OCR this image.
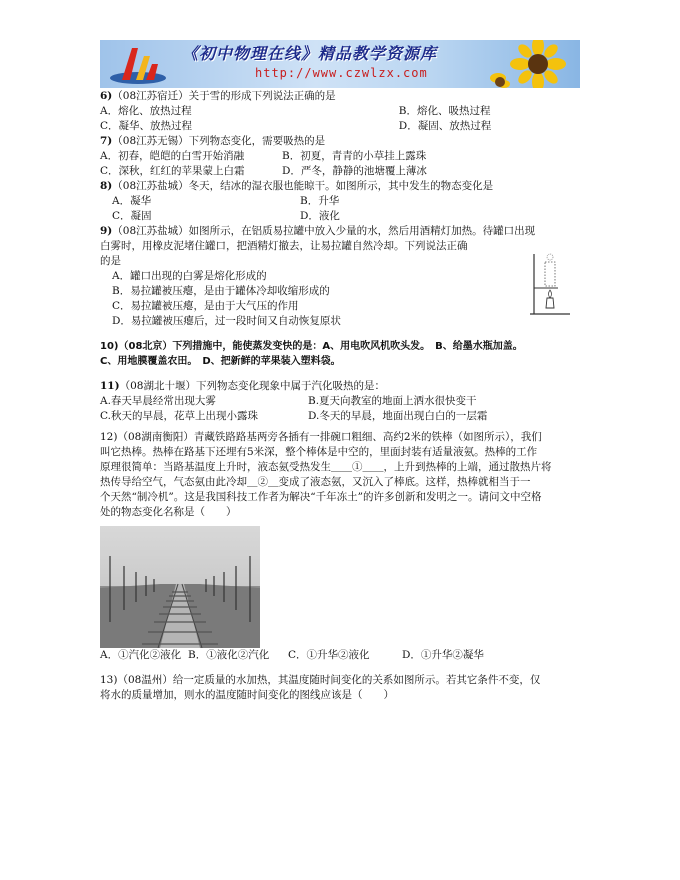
《初中物理在线》精品教学资源库
http://www.czwlzx.com

6)（08江苏宿迁）关于雪的形成下列说法正确的是

A．熔化、放热过程	B．熔化、吸热过程
C．凝华、放热过程	D．凝固、放热过程

7)（08江苏无锡）下列物态变化，需要吸热的是

A．初春，皑皑的白雪开始消融	B．初夏，青青的小草挂上露珠
C．深秋，红红的苹果蒙上白霜	D．严冬，静静的池塘覆上薄冰

8)（08江苏盐城）冬天，结冰的湿衣服也能晾干。如图所示，其中发生的物态变化是

A．凝华	B．升华
C．凝固	D．液化

9)（08江苏盐城）如图所示，在铝质易拉罐中放入少量的水，然后用酒精灯加热。待罐口出现

白雾时，用橡皮泥堵住罐口，把酒精灯撤去，让易拉罐自然冷却。下列说法正确

的是

A．罐口出现的白雾是熔化形成的

B．易拉罐被压瘪，是由于罐体冷却收缩形成的

C．易拉罐被压瘪，是由于大气压的作用

D．易拉罐被压瘪后，过一段时间又自动恢复原状

10)（08北京）下列措施中，能使蒸发变快的是：A、用电吹风机吹头发。　B、给墨水瓶加盖。

C、用地膜覆盖农田。　D、把新鲜的苹果装入塑料袋。

11)（08湖北十堰）下列物态变化现象中属于汽化吸热的是：

A.春天早晨经常出现大雾	B.夏天向教室的地面上洒水很快变干
C.秋天的早晨，花草上出现小露珠	D.冬天的早晨，地面出现白白的一层霜

12)（08湖南衡阳）青藏铁路路基两旁各插有一排碗口粗细、高约2米的铁棒（如图所示），我们

叫它热棒。热棒在路基下还埋有5米深，整个棒体是中空的，里面封装有适量液氨。热棒的工作

原理很简单：当路基温度上升时，液态氨受热发生＿＿①＿＿，上升到热棒的上端，通过散热片将

热传导给空气，气态氨由此冷却＿②＿变成了液态氨，又沉入了棒底。这样，热棒就相当于一

个天然“制冷机”。这是我国科技工作者为解决“千年冻土”的许多创新和发明之一。请问文中空格

处的物态变化名称是（　　）

A．①汽化②液化 B．①液化②汽化	C．①升华②液化	D．①升华②凝华

13)（08温州）给一定质量的水加热，其温度随时间变化的关系如图所示。若其它条件不变，仅

将水的质量增加，则水的温度随时间变化的图线应该是（　　）
